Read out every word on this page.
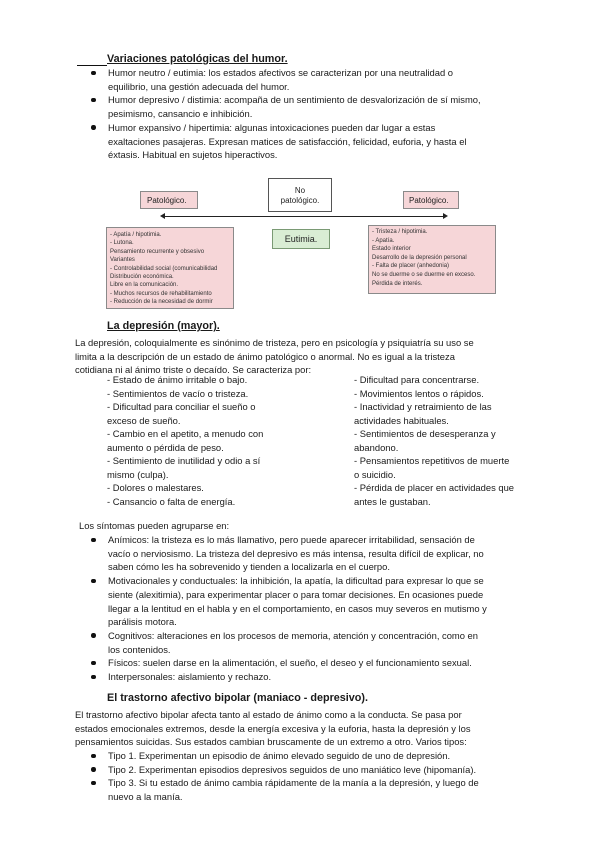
Variaciones patológicas del humor.
Humor neutro / eutimia: los estados afectivos se caracterizan por una neutralidad o
equilibrio, una gestión adecuada del humor.
Humor depresivo / distimia: acompaña de un sentimiento de desvalorización de sí mismo,
pesimismo, cansancio e inhibición.
Humor expansivo / hipertimia: algunas intoxicaciones pueden dar lugar a estas
exaltaciones pasajeras. Expresan matices de satisfacción, felicidad, euforia, y hasta el
éxtasis. Habitual en sujetos hiperactivos.
Patológico.
No
patológico.
Eutimia.
Patológico.
- Apatía / hipotimia.
- Lutona.
Pensamiento recurrente y obsesivo
Variantes
- Controlabilidad social (comunicabilidad
Distribución económica.
Libre en la comunicación.
- Muchos recursos de rehabilitamiento
- Reducción de la necesidad de dormir
- Tristeza / hipotimia.
- Apatía.
Estado interior
Desarrollo de la depresión personal
- Falta de placer (anhedonia)
No se duerme o se duerme en exceso.
Pérdida de interés.
La depresión (mayor).
La depresión, coloquialmente es sinónimo de tristeza, pero en psicología y psiquiatría su uso se
limita a la descripción de un estado de ánimo patológico o anormal. No es igual a la tristeza
cotidiana ni al ánimo triste o decaído. Se caracteriza por:
- Estado de ánimo irritable o bajo.
- Sentimientos de vacío o tristeza.
- Dificultad para conciliar el sueño o
exceso de sueño.
- Cambio en el apetito, a menudo con
aumento o pérdida de peso.
- Sentimiento de inutilidad y odio a sí
mismo (culpa).
- Dolores o malestares.
- Cansancio o falta de energía.
- Dificultad para concentrarse.
- Movimientos lentos o rápidos.
- Inactividad y retraimiento de las
actividades habituales.
- Sentimientos de desesperanza y
abandono.
- Pensamientos repetitivos de muerte
o suicidio.
- Pérdida de placer en actividades que
antes le gustaban.
Los síntomas pueden agruparse en:
Anímicos: la tristeza es lo más llamativo, pero puede aparecer irritabilidad, sensación de
vacío o nerviosismo. La tristeza del depresivo es más intensa, resulta difícil de explicar, no
saben cómo les ha sobrevenido y tienden a localizarla en el cuerpo.
Motivacionales y conductuales: la inhibición, la apatía, la dificultad para expresar lo que se
siente (alexitimia), para experimentar placer o para tomar decisiones. En ocasiones puede
llegar a la lentitud en el habla y en el comportamiento, en casos muy severos en mutismo y
parálisis motora.
Cognitivos: alteraciones en los procesos de memoria, atención y concentración, como en
los contenidos.
Físicos: suelen darse en la alimentación, el sueño, el deseo y el funcionamiento sexual.
Interpersonales: aislamiento y rechazo.
El trastorno afectivo bipolar (maniaco - depresivo).
El trastorno afectivo bipolar afecta tanto al estado de ánimo como a la conducta. Se pasa por
estados emocionales extremos, desde la energía excesiva y la euforia, hasta la depresión y los
pensamientos suicidas. Sus estados cambian bruscamente de un extremo a otro. Varios tipos:
Tipo 1. Experimentan un episodio de ánimo elevado seguido de uno de depresión.
Tipo 2. Experimentan episodios depresivos seguidos de uno maniático leve (hipomanía).
Tipo 3. Si tu estado de ánimo cambia rápidamente de la manía a la depresión, y luego de
nuevo a la manía.
